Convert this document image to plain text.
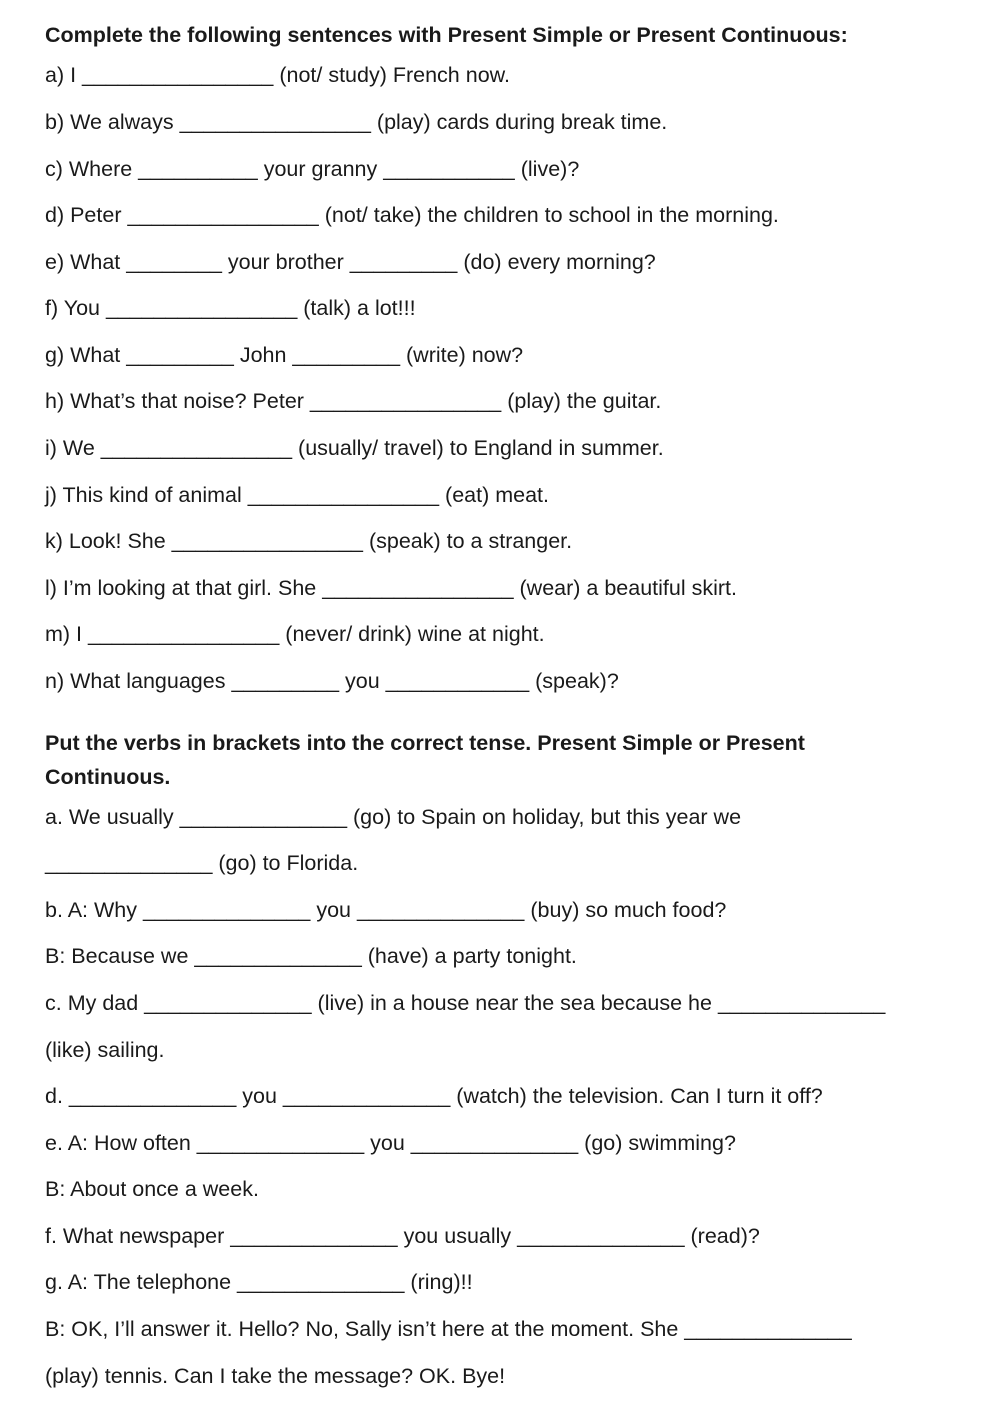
Complete the following sentences with Present Simple or Present Continuous:

a) I ________________ (not/ study) French now.

b) We always ________________ (play) cards during break time.

c) Where __________ your granny ___________ (live)?

d) Peter ________________ (not/ take) the children to school in the morning.

e) What ________ your brother _________ (do) every morning?

f) You ________________ (talk) a lot!!!

g) What _________ John _________ (write) now?

h) What’s that noise? Peter ________________ (play) the guitar.

i) We ________________ (usually/ travel) to England in summer.

j) This kind of animal ________________ (eat) meat.

k) Look! She ________________ (speak) to a stranger.

l) I’m looking at that girl. She ________________ (wear) a beautiful skirt.

m) I ________________ (never/ drink) wine at night.

n) What languages _________ you ____________ (speak)?

Put the verbs in brackets into the correct tense. Present Simple or Present

Continuous.

a. We usually ______________ (go) to Spain on holiday, but this year we

______________ (go) to Florida.

b. A: Why ______________ you ______________ (buy) so much food?

B: Because we ______________ (have) a party tonight.

c. My dad ______________ (live) in a house near the sea because he ______________

(like) sailing.

d. ______________ you ______________ (watch) the television. Can I turn it off?

e. A: How often ______________ you ______________ (go) swimming?

B: About once a week.

f. What newspaper ______________ you usually ______________ (read)?

g. A: The telephone ______________ (ring)!!

B: OK, I’ll answer it. Hello? No, Sally isn’t here at the moment. She ______________

(play) tennis. Can I take the message? OK. Bye!
